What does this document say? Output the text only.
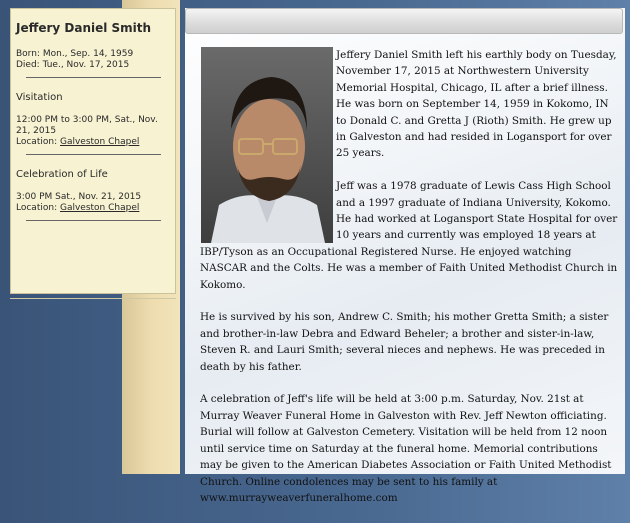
Jeffery Daniel Smith
Born: Mon., Sep. 14, 1959
Died: Tue., Nov. 17, 2015
Visitation
12:00 PM to 3:00 PM, Sat., Nov. 21, 2015
Location: Galveston Chapel
Celebration of Life
3:00 PM Sat., Nov. 21, 2015
Location: Galveston Chapel

Jeffery Daniel Smith left his earthly body on Tuesday, November 17, 2015 at Northwestern University Memorial Hospital, Chicago, IL after a brief illness. He was born on September 14, 1959 in Kokomo, IN to Donald C. and Gretta J (Rioth) Smith. He grew up in Galveston and had resided in Logansport for over 25 years.

Jeff was a 1978 graduate of Lewis Cass High School and a 1997 graduate of Indiana University, Kokomo. He had worked at Logansport State Hospital for over 10 years and currently was employed 18 years at IBP/Tyson as an Occupational Registered Nurse. He enjoyed watching NASCAR and the Colts. He was a member of Faith United Methodist Church in Kokomo.

He is survived by his son, Andrew C. Smith; his mother Gretta Smith; a sister and brother-in-law Debra and Edward Beheler; a brother and sister-in-law, Steven R. and Lauri Smith; several nieces and nephews. He was preceded in death by his father.

A celebration of Jeff's life will be held at 3:00 p.m. Saturday, Nov. 21st at Murray Weaver Funeral Home in Galveston with Rev. Jeff Newton officiating. Burial will follow at Galveston Cemetery. Visitation will be held from 12 noon until service time on Saturday at the funeral home. Memorial contributions may be given to the American Diabetes Association or Faith United Methodist Church. Online condolences may be sent to his family at www.murrayweaverfuneralhome.com
